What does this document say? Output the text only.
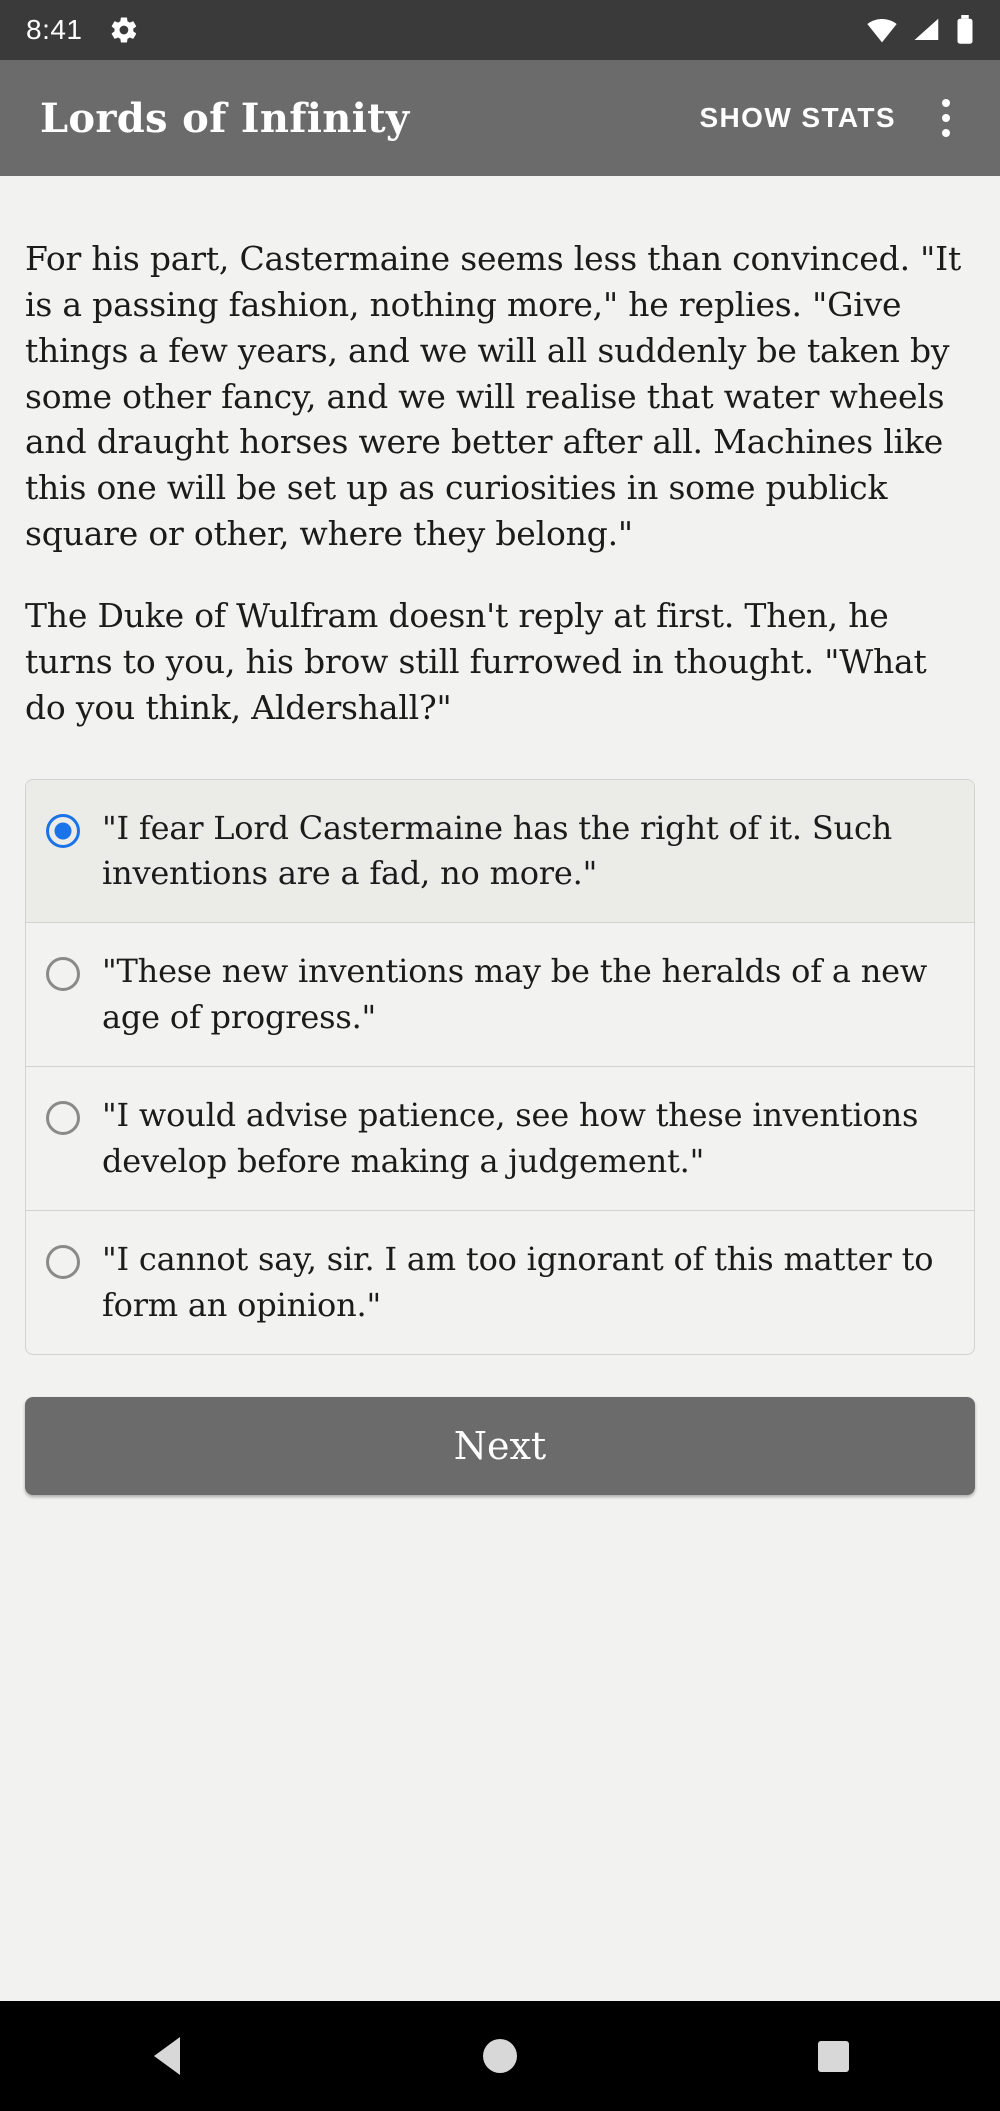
8:41
Lords of Infinity	SHOW STATS

For his part, Castermaine seems less than convinced. "It is a passing fashion, nothing more," he replies. "Give things a few years, and we will all suddenly be taken by some other fancy, and we will realise that water wheels and draught horses were better after all. Machines like this one will be set up as curiosities in some publick square or other, where they belong."

The Duke of Wulfram doesn't reply at first. Then, he turns to you, his brow still furrowed in thought. "What do you think, Aldershall?"

"I fear Lord Castermaine has the right of it. Such inventions are a fad, no more."
"These new inventions may be the heralds of a new age of progress."
"I would advise patience, see how these inventions develop before making a judgement."
"I cannot say, sir. I am too ignorant of this matter to form an opinion."
Next
